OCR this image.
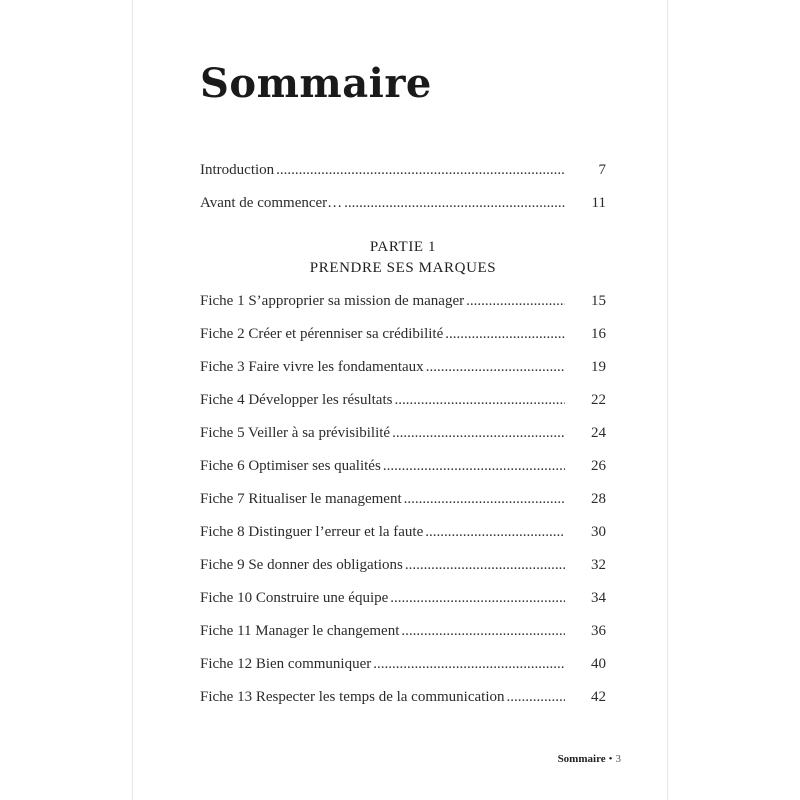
Sommaire
Introduction .....	7
Avant de commencer… .....	11
PARTIE 1
PRENDRE SES MARQUES
Fiche 1 S’approprier sa mission de manager .....	15
Fiche 2 Créer et pérenniser sa crédibilité .....	16
Fiche 3 Faire vivre les fondamentaux .....	19
Fiche 4 Développer les résultats .....	22
Fiche 5 Veiller à sa prévisibilité .....	24
Fiche 6 Optimiser ses qualités .....	26
Fiche 7 Ritualiser le management .....	28
Fiche 8 Distinguer l’erreur et la faute .....	30
Fiche 9 Se donner des obligations .....	32
Fiche 10 Construire une équipe .....	34
Fiche 11 Manager le changement .....	36
Fiche 12 Bien communiquer .....	40
Fiche 13 Respecter les temps de la communication .....	42
Sommaire • 3
